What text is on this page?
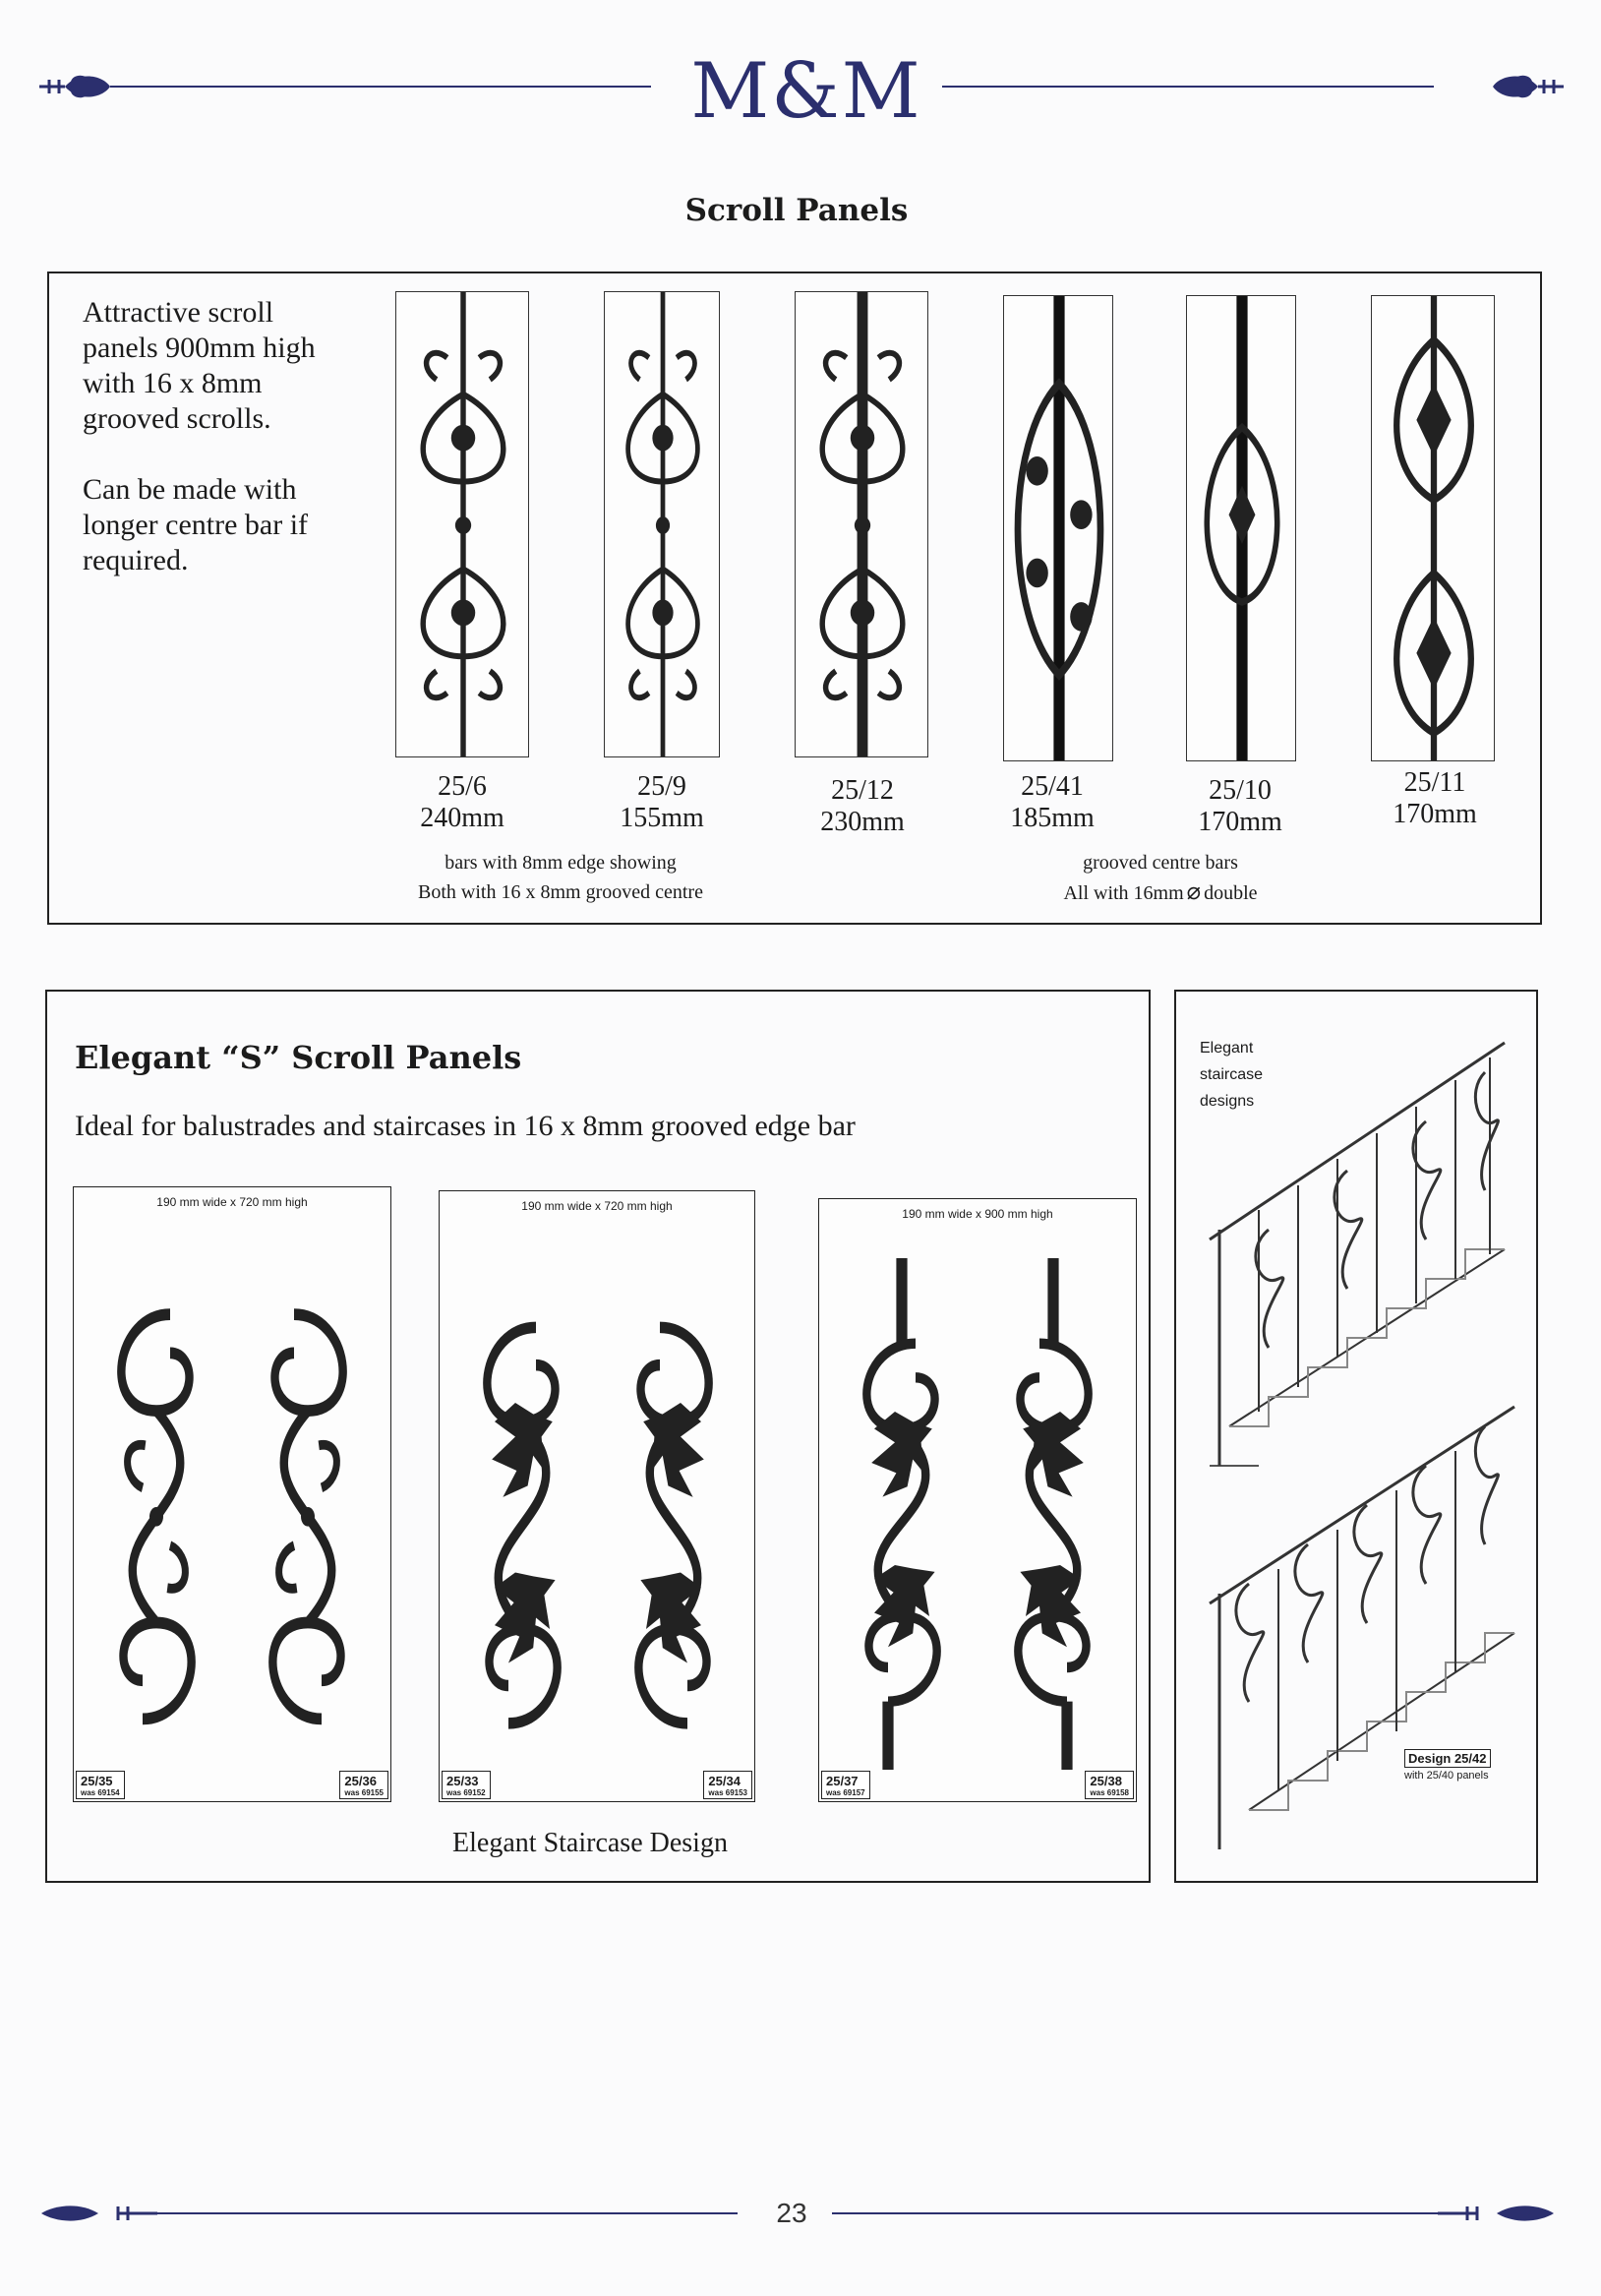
M&M
Scroll Panels
Attractive scroll
panels 900mm high
with 16 x 8mm
grooved scrolls.
Can be made with
longer centre bar if
required.
25/6
240mm
25/9
155mm
25/12
230mm
25/41
185mm
25/10
170mm
25/11
170mm
bars with 8mm edge showing
Both with 16 x 8mm grooved centre
grooved centre bars
All with 16mm ⌀ double
Elegant “S” Scroll Panels
Ideal for balustrades and staircases in 16 x 8mm grooved edge bar
190 mm wide x 720 mm high
25/35
was 69154
25/36
was 69155
190 mm wide x 720 mm high
25/33
was 69152
25/34
was 69153
190 mm wide x 900 mm high
25/37
was 69157
25/38
was 69158
Elegant Staircase Design
Elegant
staircase
designs
Design 25/42
with 25/40 panels
23
